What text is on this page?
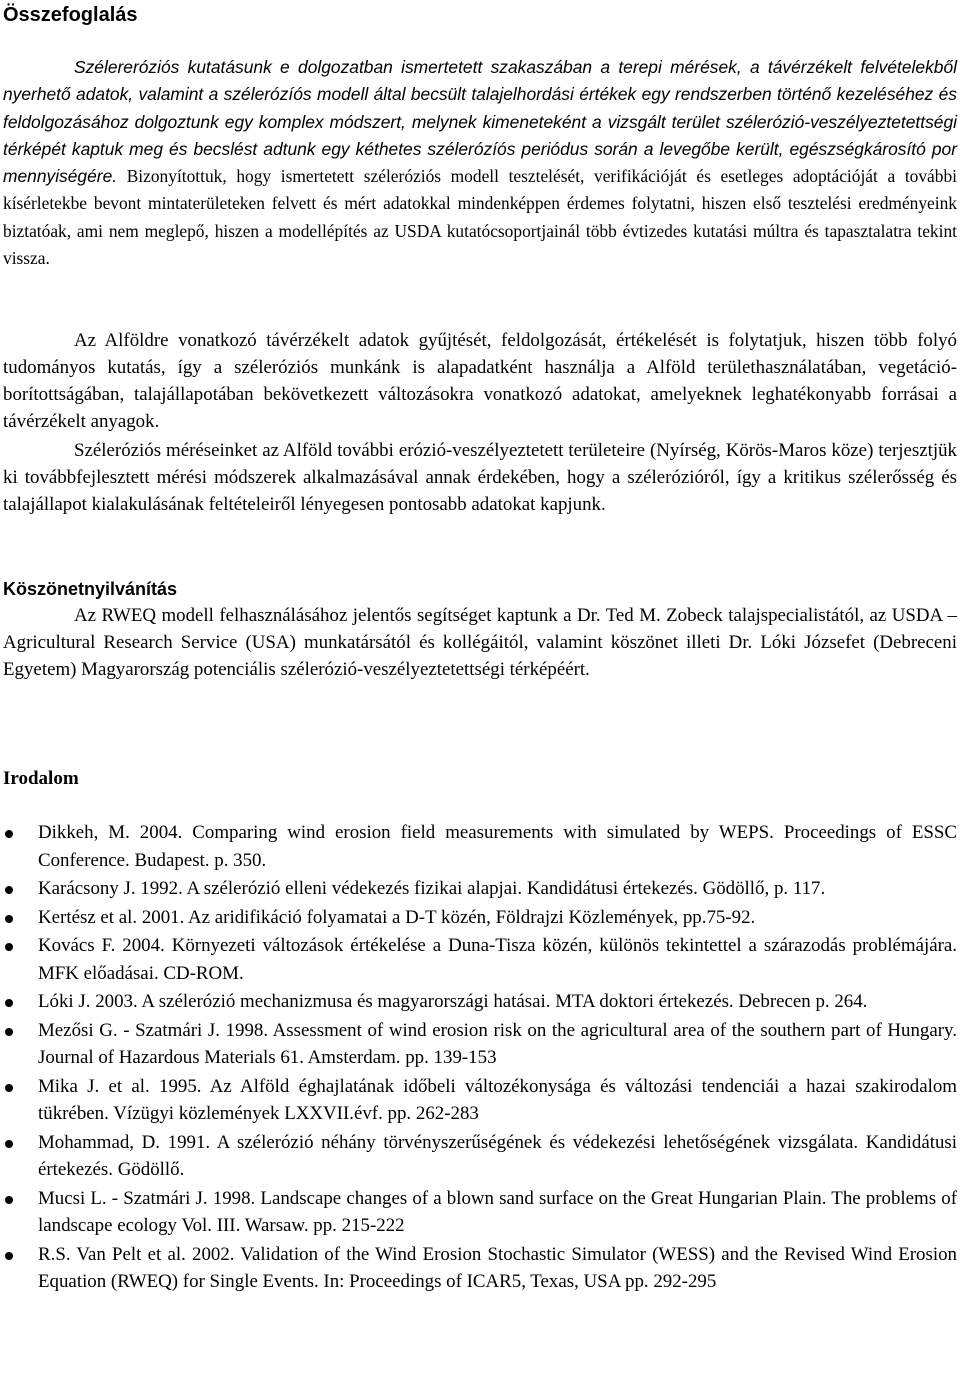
Összefoglalás

Szélereróziós kutatásunk e dolgozatban ismertetett szakaszában a terepi mérések, a távérzékelt felvételekből nyerhető adatok, valamint a szélerózíós modell által becsült talajelhordási értékek egy rendszerben történő kezeléséhez és feldolgozásához dolgoztunk egy komplex módszert, melynek kimeneteként a vizsgált terület szélerózió-veszélyeztetettségi térképét kaptuk meg és becslést adtunk egy kéthetes szélerózíós periódus során a levegőbe került, egészségkárosító por mennyiségére. Bizonyítottuk, hogy ismertetett széleróziós modell tesztelését, verifikációját és esetleges adoptációját a további kísérletekbe bevont mintaterületeken felvett és mért adatokkal mindenképpen érdemes folytatni, hiszen első tesztelési eredményeink biztatóak, ami nem meglepő, hiszen a modellépítés az USDA kutatócsoportjainál több évtizedes kutatási múltra és tapasztalatra tekint vissza.

Az Alföldre vonatkozó távérzékelt adatok gyűjtését, feldolgozását, értékelését is folytatjuk, hiszen több folyó tudományos kutatás, így a széleróziós munkánk is alapadatként használja a Alföld területhasználatában, vegetáció-borítottságában, talajállapotában bekövetkezett változásokra vonatkozó adatokat, amelyeknek leghatékonyabb forrásai a távérzékelt anyagok.

Széleróziós méréseinket az Alföld további erózió-veszélyeztetett területeire (Nyírség, Körös-Maros köze) terjesztjük ki továbbfejlesztett mérési módszerek alkalmazásával annak érdekében, hogy a szélerózióról, így a kritikus szélerősség és talajállapot kialakulásának feltételeiről lényegesen pontosabb adatokat kapjunk.

Köszönetnyilvánítás

Az RWEQ modell felhasználásához jelentős segítséget kaptunk a Dr. Ted M. Zobeck talajspecialistától, az USDA – Agricultural Research Service (USA) munkatársától és kollégáitól, valamint köszönet illeti Dr. Lóki Józsefet (Debreceni Egyetem) Magyarország potenciális szélerózió-veszélyeztetettségi térképéért.

Irodalom
Dikkeh, M. 2004. Comparing wind erosion field measurements with simulated by WEPS. Proceedings of ESSC Conference. Budapest. p. 350.
Karácsony J. 1992. A szélerózió elleni védekezés fizikai alapjai. Kandidátusi értekezés. Gödöllő, p. 117.
Kertész et al. 2001. Az aridifikáció folyamatai a D-T közén, Földrajzi Közlemények, pp.75-92.
Kovács F. 2004. Környezeti változások értékelése a Duna-Tisza közén, különös tekintettel a szárazodás problémájára. MFK előadásai. CD-ROM.
Lóki J. 2003. A szélerózió mechanizmusa és magyarországi hatásai. MTA doktori értekezés. Debrecen p. 264.
Mezősi G. - Szatmári J. 1998. Assessment of wind erosion risk on the agricultural area of the southern part of Hungary. Journal of Hazardous Materials 61. Amsterdam. pp. 139-153
Mika J. et al. 1995. Az Alföld éghajlatának időbeli változékonysága és változási tendenciái a hazai szakirodalom tükrében. Vízügyi közlemények LXXVII.évf. pp. 262-283
Mohammad, D. 1991. A szélerózió néhány törvényszerűségének és védekezési lehetőségének vizsgálata. Kandidátusi értekezés. Gödöllő.
Mucsi L. - Szatmári J. 1998. Landscape changes of a blown sand surface on the Great Hungarian Plain. The problems of landscape ecology Vol. III. Warsaw. pp. 215-222
R.S. Van Pelt et al. 2002. Validation of the Wind Erosion Stochastic Simulator (WESS) and the Revised Wind Erosion Equation (RWEQ) for Single Events. In: Proceedings of ICAR5, Texas, USA pp. 292-295
